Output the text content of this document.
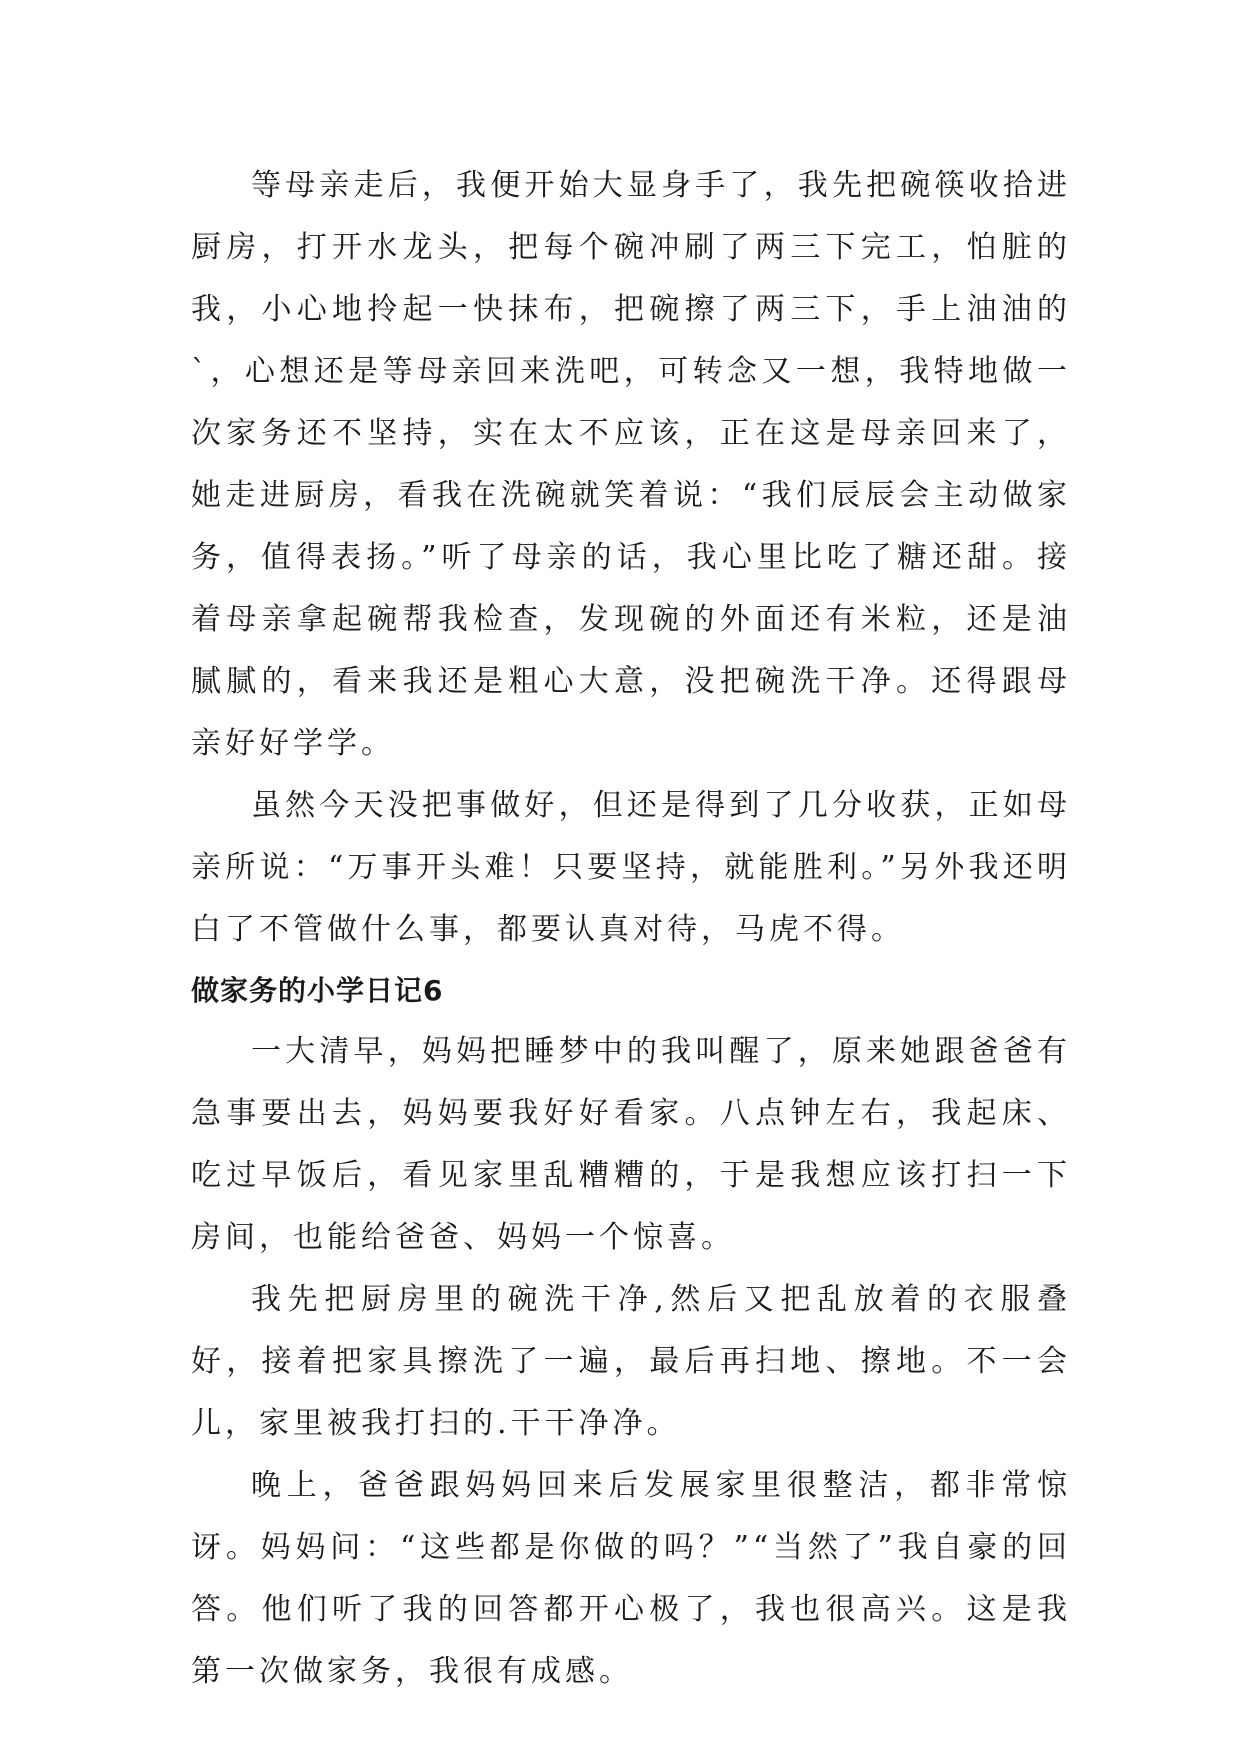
等母亲走后，我便开始大显身手了，我先把碗筷收拾进厨房，打开水龙头，把每个碗冲刷了两三下完工，怕脏的我，小心地拎起一快抹布，把碗擦了两三下，手上油油的`，心想还是等母亲回来洗吧，可转念又一想，我特地做一次家务还不坚持，实在太不应该，正在这是母亲回来了，她走进厨房，看我在洗碗就笑着说：“我们辰辰会主动做家务，值得表扬。”听了母亲的话，我心里比吃了糖还甜。接着母亲拿起碗帮我检查，发现碗的外面还有米粒，还是油腻腻的，看来我还是粗心大意，没把碗洗干净。还得跟母亲好好学学。

虽然今天没把事做好，但还是得到了几分收获，正如母亲所说：“万事开头难！只要坚持，就能胜利。”另外我还明白了不管做什么事，都要认真对待，马虎不得。

做家务的小学日记6

一大清早，妈妈把睡梦中的我叫醒了，原来她跟爸爸有急事要出去，妈妈要我好好看家。八点钟左右，我起床、吃过早饭后，看见家里乱糟糟的，于是我想应该打扫一下房间，也能给爸爸、妈妈一个惊喜。

我先把厨房里的碗洗干净,然后又把乱放着的衣服叠好，接着把家具擦洗了一遍，最后再扫地、擦地。不一会儿，家里被我打扫的.干干净净。

晚上，爸爸跟妈妈回来后发展家里很整洁，都非常惊讶。妈妈问：“这些都是你做的吗？”“当然了”我自豪的回答。他们听了我的回答都开心极了，我也很高兴。这是我第一次做家务，我很有成感。
